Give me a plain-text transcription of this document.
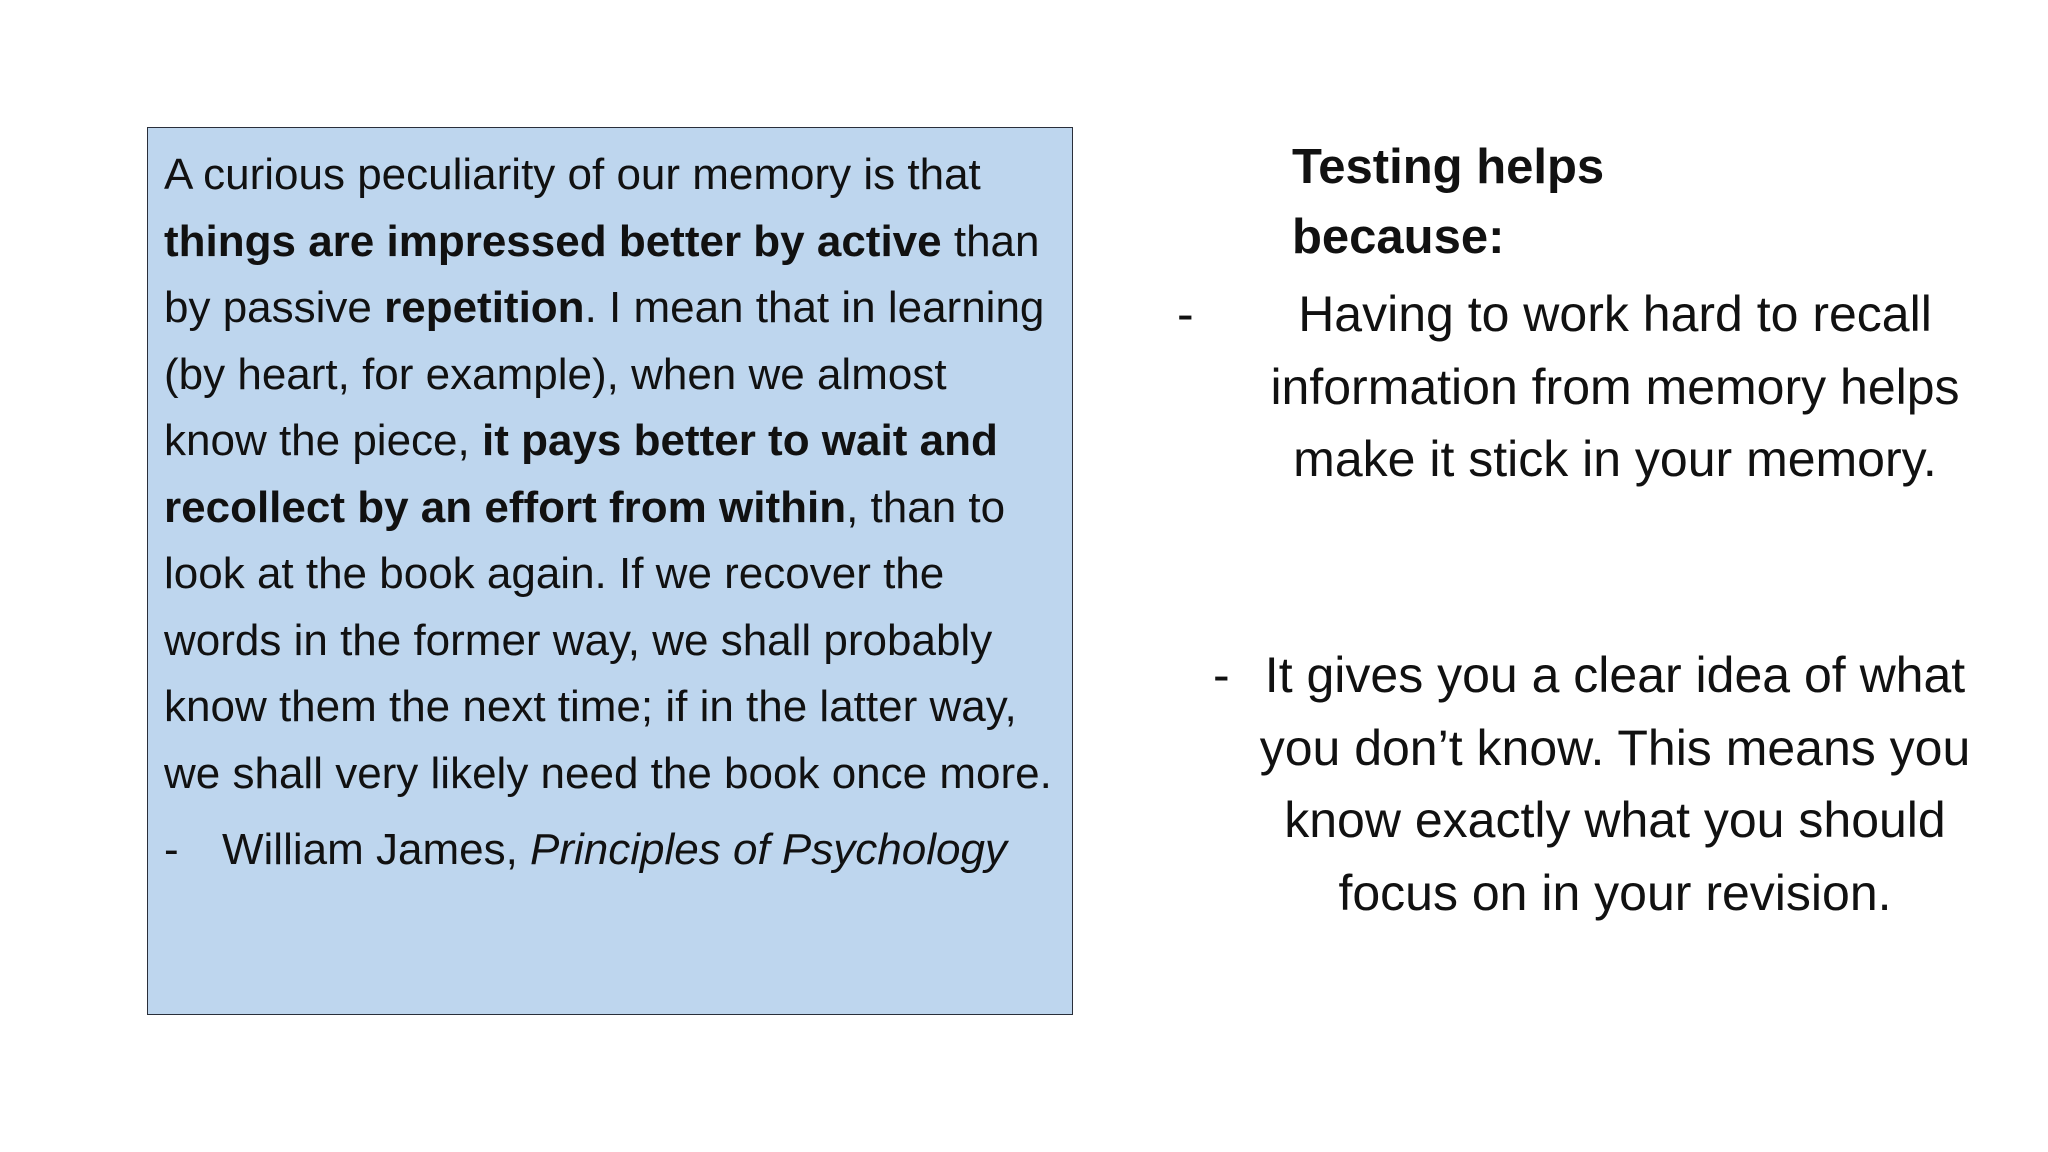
A curious peculiarity of our memory is that things are impressed better by active than by passive repetition. I mean that in learning (by heart, for example), when we almost know the piece, it pays better to wait and recollect by an effort from within, than to look at the book again. If we recover the words in the former way, we shall probably know them the next time; if in the latter way, we shall very likely need the book once more.

- William James, Principles of Psychology
Testing helps because:
-	Having to work hard to recall information from memory helps make it stick in your memory.
- It gives you a clear idea of what you don’t know. This means you know exactly what you should focus on in your revision.
